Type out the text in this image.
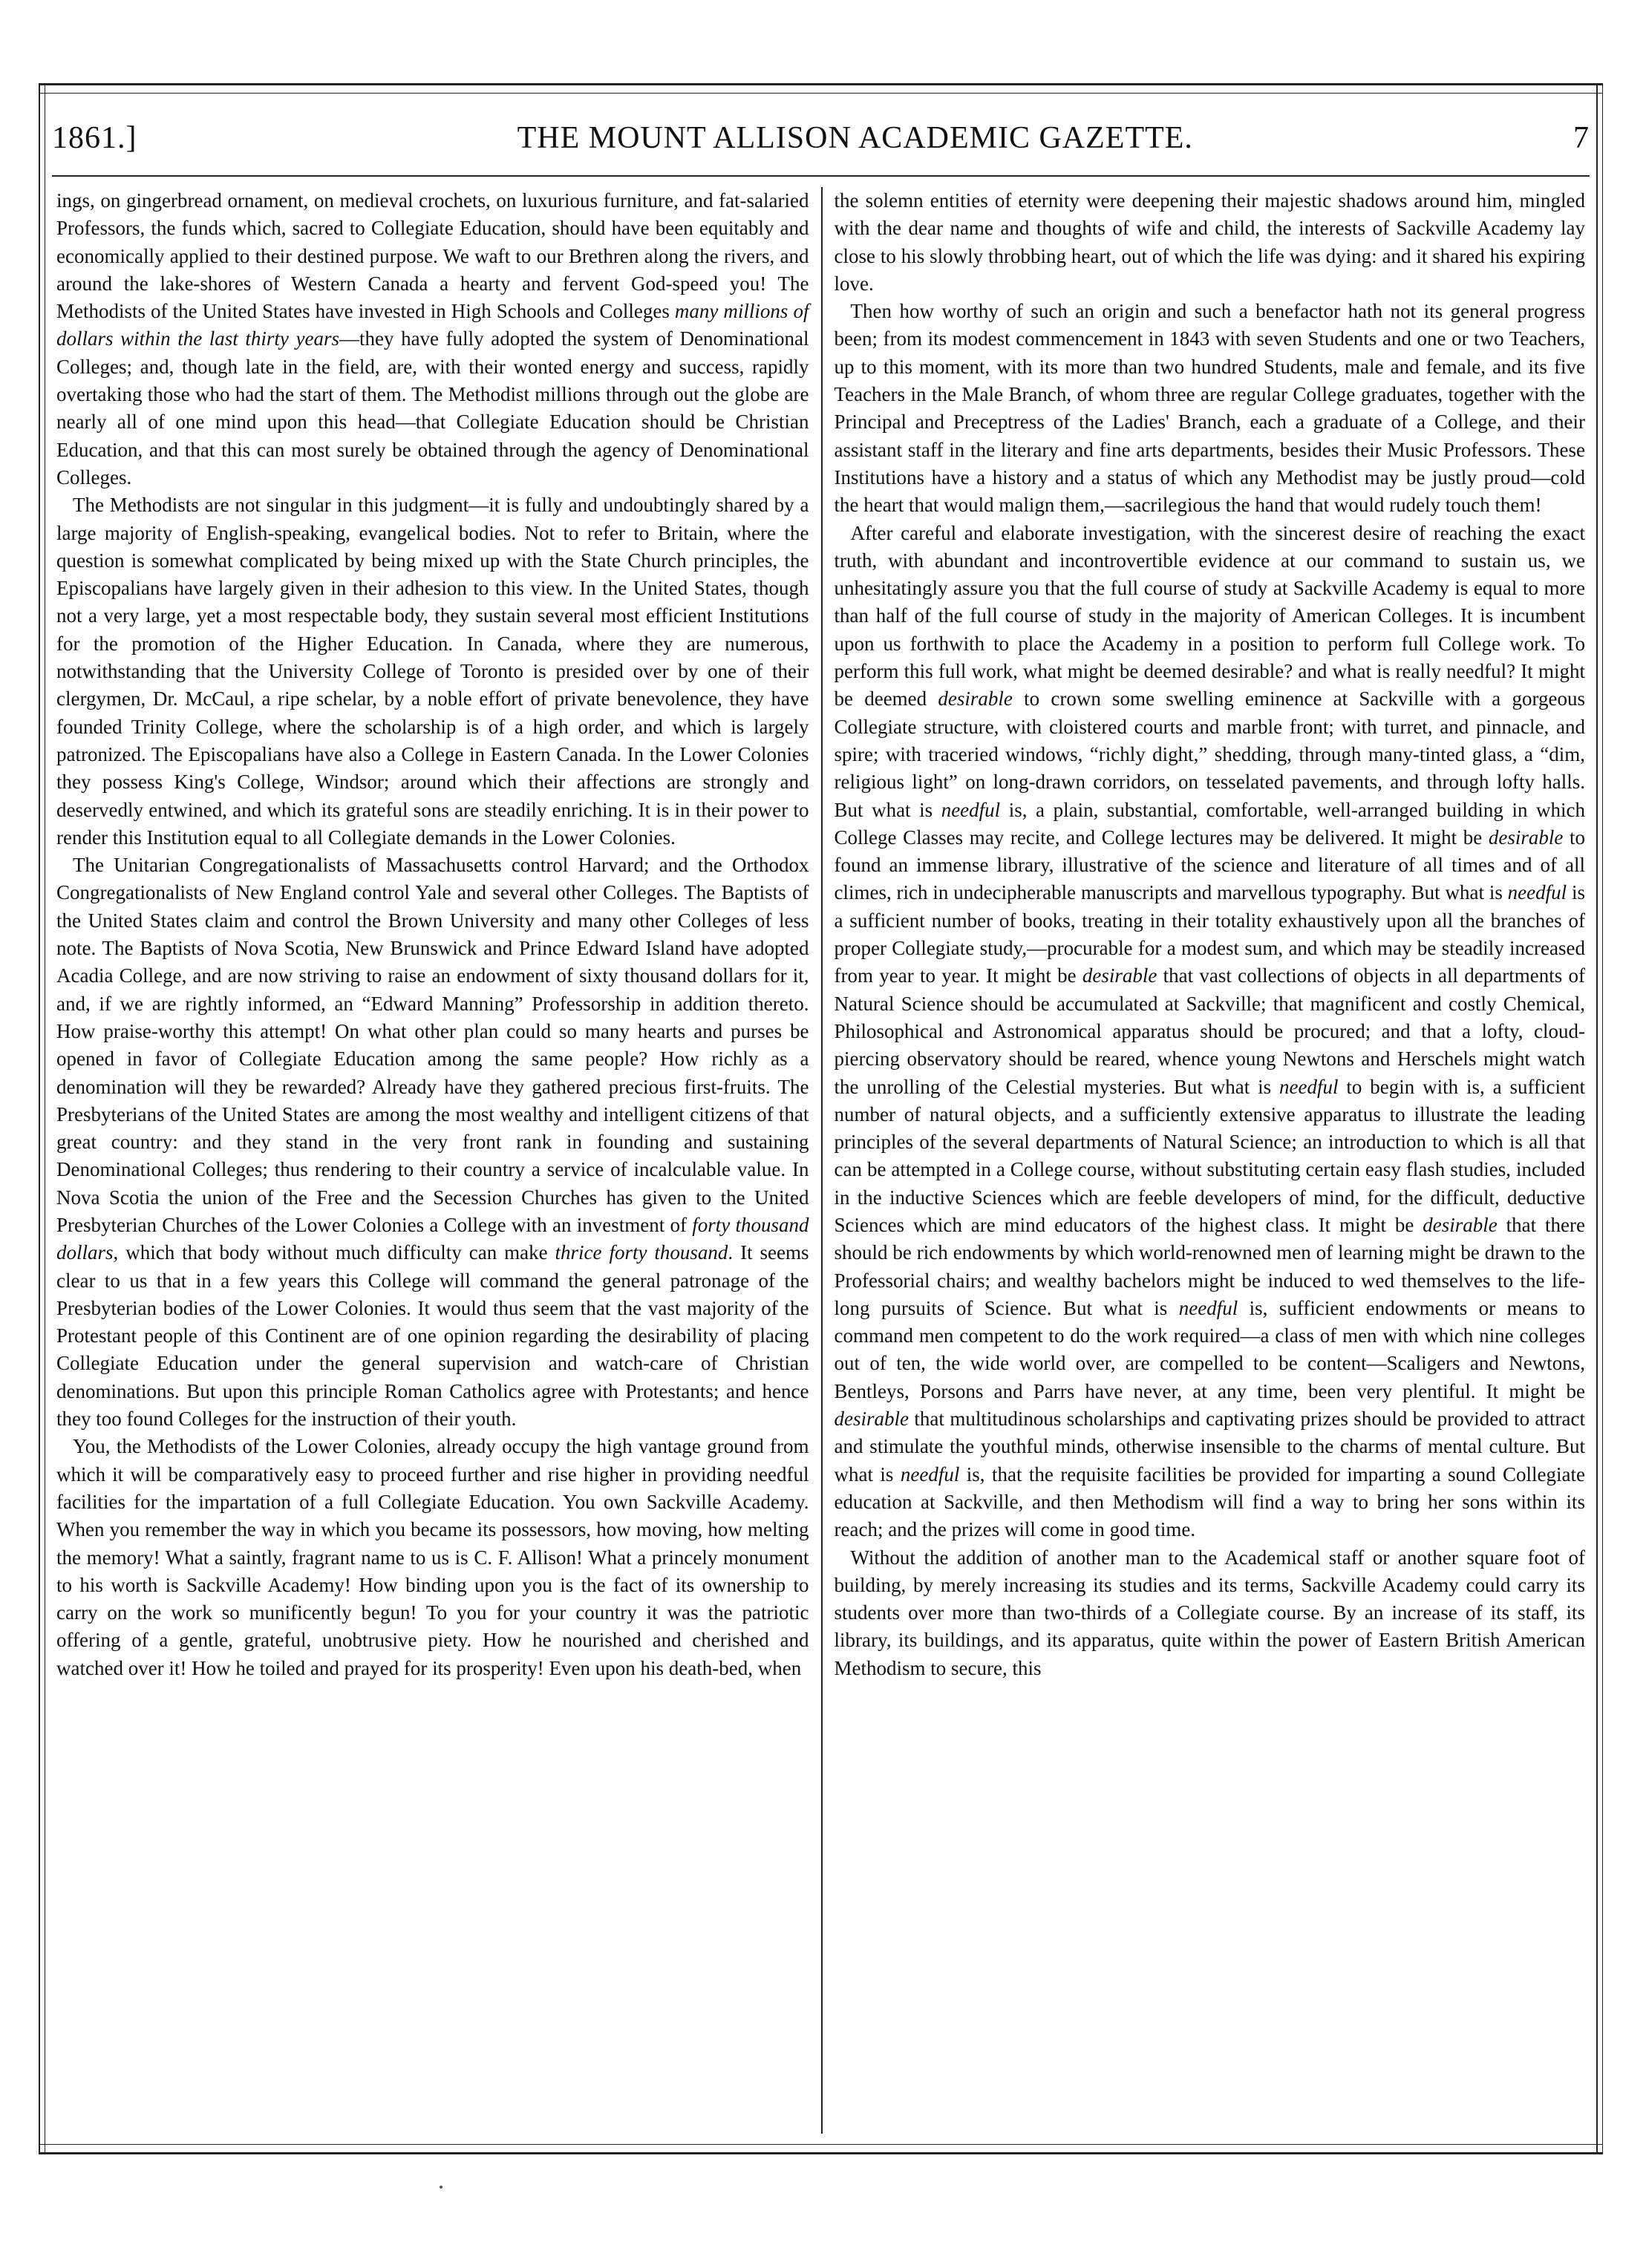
1861.]	THE MOUNT ALLISON ACADEMIC GAZETTE.	7

ings, on gingerbread ornament, on medieval crochets, on luxurious furniture, and fat-salaried Professors, the funds which, sacred to Collegiate Education, should have been equitably and economically applied to their destined purpose. We waft to our Brethren along the rivers, and around the lake-shores of Western Canada a hearty and fervent God-speed you! The Methodists of the United States have invested in High Schools and Colleges many millions of dollars within the last thirty years—they have fully adopted the system of Denominational Colleges; and, though late in the field, are, with their wonted energy and success, rapidly overtaking those who had the start of them. The Methodist millions through out the globe are nearly all of one mind upon this head—that Collegiate Education should be Christian Education, and that this can most surely be obtained through the agency of Denominational Colleges.

The Methodists are not singular in this judgment—it is fully and undoubtingly shared by a large majority of English-speaking, evangelical bodies. Not to refer to Britain, where the question is somewhat complicated by being mixed up with the State Church principles, the Episcopalians have largely given in their adhesion to this view. In the United States, though not a very large, yet a most respectable body, they sustain several most efficient Institutions for the promotion of the Higher Education. In Canada, where they are numerous, notwithstanding that the University College of Toronto is presided over by one of their clergymen, Dr. McCaul, a ripe schelar, by a noble effort of private benevolence, they have founded Trinity College, where the scholarship is of a high order, and which is largely patronized. The Episcopalians have also a College in Eastern Canada. In the Lower Colonies they possess King's College, Windsor; around which their affections are strongly and deservedly entwined, and which its grateful sons are steadily enriching. It is in their power to render this Institution equal to all Collegiate demands in the Lower Colonies.

The Unitarian Congregationalists of Massachusetts control Harvard; and the Orthodox Congregationalists of New England control Yale and several other Colleges. The Baptists of the United States claim and control the Brown University and many other Colleges of less note. The Baptists of Nova Scotia, New Brunswick and Prince Edward Island have adopted Acadia College, and are now striving to raise an endowment of sixty thousand dollars for it, and, if we are rightly informed, an “Edward Manning” Professorship in addition thereto. How praise-worthy this attempt! On what other plan could so many hearts and purses be opened in favor of Collegiate Education among the same people? How richly as a denomination will they be rewarded? Already have they gathered precious first-fruits. The Presbyterians of the United States are among the most wealthy and intelligent citizens of that great country: and they stand in the very front rank in founding and sustaining Denominational Colleges; thus rendering to their country a service of incalculable value. In Nova Scotia the union of the Free and the Secession Churches has given to the United Presbyterian Churches of the Lower Colonies a College with an investment of forty thousand dollars, which that body without much difficulty can make thrice forty thousand. It seems clear to us that in a few years this College will command the general patronage of the Presbyterian bodies of the Lower Colonies. It would thus seem that the vast majority of the Protestant people of this Continent are of one opinion regarding the desirability of placing Collegiate Education under the general supervision and watch-care of Christian denominations. But upon this principle Roman Catholics agree with Protestants; and hence they too found Colleges for the instruction of their youth.

You, the Methodists of the Lower Colonies, already occupy the high vantage ground from which it will be comparatively easy to proceed further and rise higher in providing needful facilities for the impartation of a full Collegiate Education. You own Sackville Academy. When you remember the way in which you became its possessors, how moving, how melting the memory! What a saintly, fragrant name to us is C. F. Allison! What a princely monument to his worth is Sackville Academy! How binding upon you is the fact of its ownership to carry on the work so munificently begun! To you for your country it was the patriotic offering of a gentle, grateful, unobtrusive piety. How he nourished and cherished and watched over it! How he toiled and prayed for its prosperity! Even upon his death-bed, when

the solemn entities of eternity were deepening their majestic shadows around him, mingled with the dear name and thoughts of wife and child, the interests of Sackville Academy lay close to his slowly throbbing heart, out of which the life was dying: and it shared his expiring love.

Then how worthy of such an origin and such a benefactor hath not its general progress been; from its modest commencement in 1843 with seven Students and one or two Teachers, up to this moment, with its more than two hundred Students, male and female, and its five Teachers in the Male Branch, of whom three are regular College graduates, together with the Principal and Preceptress of the Ladies' Branch, each a graduate of a College, and their assistant staff in the literary and fine arts departments, besides their Music Professors. These Institutions have a history and a status of which any Methodist may be justly proud—cold the heart that would malign them,—sacrilegious the hand that would rudely touch them!

After careful and elaborate investigation, with the sincerest desire of reaching the exact truth, with abundant and incontrovertible evidence at our command to sustain us, we unhesitatingly assure you that the full course of study at Sackville Academy is equal to more than half of the full course of study in the majority of American Colleges. It is incumbent upon us forthwith to place the Academy in a position to perform full College work. To perform this full work, what might be deemed desirable? and what is really needful? It might be deemed desirable to crown some swelling eminence at Sackville with a gorgeous Collegiate structure, with cloistered courts and marble front; with turret, and pinnacle, and spire; with traceried windows, “richly dight,” shedding, through many-tinted glass, a “dim, religious light” on long-drawn corridors, on tesselated pavements, and through lofty halls. But what is needful is, a plain, substantial, comfortable, well-arranged building in which College Classes may recite, and College lectures may be delivered. It might be desirable to found an immense library, illustrative of the science and literature of all times and of all climes, rich in undecipherable manuscripts and marvellous typography. But what is needful is a sufficient number of books, treating in their totality exhaustively upon all the branches of proper Collegiate study,—procurable for a modest sum, and which may be steadily increased from year to year. It might be desirable that vast collections of objects in all departments of Natural Science should be accumulated at Sackville; that magnificent and costly Chemical, Philosophical and Astronomical apparatus should be procured; and that a lofty, cloud-piercing observatory should be reared, whence young Newtons and Herschels might watch the unrolling of the Celestial mysteries. But what is needful to begin with is, a sufficient number of natural objects, and a sufficiently extensive apparatus to illustrate the leading principles of the several departments of Natural Science; an introduction to which is all that can be attempted in a College course, without substituting certain easy flash studies, included in the inductive Sciences which are feeble developers of mind, for the difficult, deductive Sciences which are mind educators of the highest class. It might be desirable that there should be rich endowments by which world-renowned men of learning might be drawn to the Professorial chairs; and wealthy bachelors might be induced to wed themselves to the life-long pursuits of Science. But what is needful is, sufficient endowments or means to command men competent to do the work required—a class of men with which nine colleges out of ten, the wide world over, are compelled to be content—Scaligers and Newtons, Bentleys, Porsons and Parrs have never, at any time, been very plentiful. It might be desirable that multitudinous scholarships and captivating prizes should be provided to attract and stimulate the youthful minds, otherwise insensible to the charms of mental culture. But what is needful is, that the requisite facilities be provided for imparting a sound Collegiate education at Sackville, and then Methodism will find a way to bring her sons within its reach; and the prizes will come in good time.

Without the addition of another man to the Academical staff or another square foot of building, by merely increasing its studies and its terms, Sackville Academy could carry its students over more than two-thirds of a Collegiate course. By an increase of its staff, its library, its buildings, and its apparatus, quite within the power of Eastern British American Methodism to secure, this
